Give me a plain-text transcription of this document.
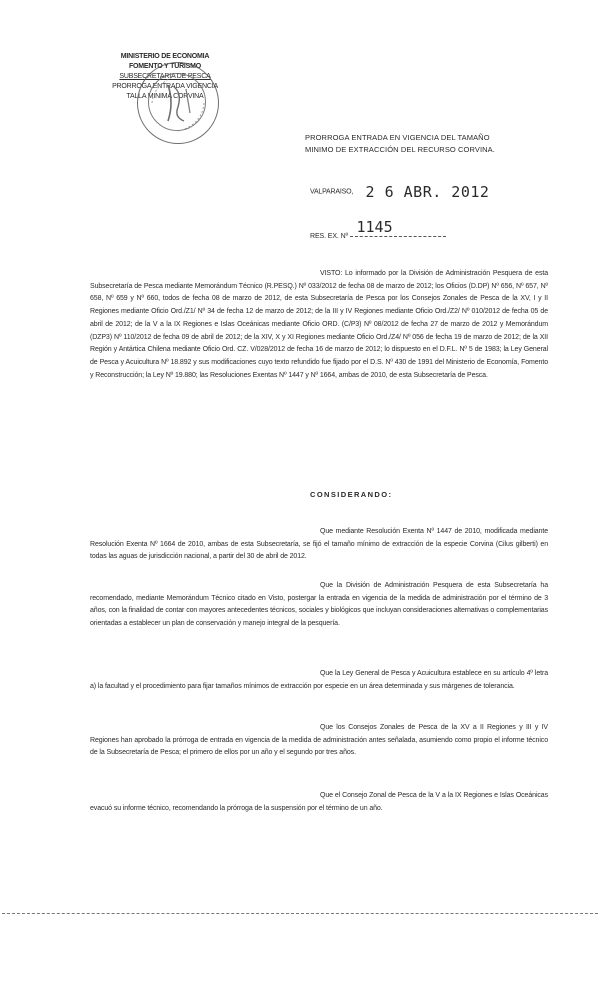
MINISTERIO DE ECONOMIA
FOMENTO Y TURISMO
SUBSECRETARIA DE PESCA
PRORROGA ENTRADA VIGENCIA
TALLA MINIMA CORVINA
PRORROGA ENTRADA EN VIGENCIA DEL TAMAÑO
MINIMO DE EXTRACCIÓN DEL RECURSO CORVINA.
VALPARAISO, 2 6 ABR. 2012
RES. EX. Nº 1145
VISTO: Lo informado por la División de Administración Pesquera de esta Subsecretaría de Pesca mediante Memorándum Técnico (R.PESQ.) Nº 033/2012 de fecha 08 de marzo de 2012; los Oficios (D.DP) Nº 656, Nº 657, Nº 658, Nº 659 y Nº 660, todos de fecha 08 de marzo de 2012, de esta Subsecretaría de Pesca por los Consejos Zonales de Pesca de la XV, I y II Regiones mediante Oficio Ord./Z1/ Nº 34 de fecha 12 de marzo de 2012; de la III y IV Regiones mediante Oficio Ord./Z2/ Nº 010/2012 de fecha 05 de abril de 2012; de la V a la IX Regiones e Islas Oceánicas mediante Oficio ORD. (C/P3) Nº 08/2012 de fecha 27 de marzo de 2012 y Memorándum (DZP3) Nº 110/2012 de fecha 09 de abril de 2012; de la XIV, X y XI Regiones mediante Oficio Ord./Z4/ Nº 056 de fecha 19 de marzo de 2012; de la XII Región y Antártica Chilena mediante Oficio Ord. CZ. V/028/2012 de fecha 16 de marzo de 2012; lo dispuesto en el D.F.L. Nº 5 de 1983; la Ley General de Pesca y Acuicultura Nº 18.892 y sus modificaciones cuyo texto refundido fue fijado por el D.S. Nº 430 de 1991 del Ministerio de Economía, Fomento y Reconstrucción; la Ley Nº 19.880; las Resoluciones Exentas Nº 1447 y Nº 1664, ambas de 2010, de esta Subsecretaría de Pesca.
CONSIDERANDO:
Que mediante Resolución Exenta Nº 1447 de 2010, modificada mediante Resolución Exenta Nº 1664 de 2010, ambas de esta Subsecretaría, se fijó el tamaño mínimo de extracción de la especie Corvina (Cilus gilberti) en todas las aguas de jurisdicción nacional, a partir del 30 de abril de 2012.
Que la División de Administración Pesquera de esta Subsecretaría ha recomendado, mediante Memorándum Técnico citado en Visto, postergar la entrada en vigencia de la medida de administración por el término de 3 años, con la finalidad de contar con mayores antecedentes técnicos, sociales y biológicos que incluyan consideraciones alternativas o complementarias orientadas a establecer un plan de conservación y manejo integral de la pesquería.
Que la Ley General de Pesca y Acuicultura establece en su artículo 4º letra a) la facultad y el procedimiento para fijar tamaños mínimos de extracción por especie en un área determinada y sus márgenes de tolerancia.
Que los Consejos Zonales de Pesca de la XV a II Regiones y III y IV Regiones han aprobado la prórroga de entrada en vigencia de la medida de administración antes señalada, asumiendo como propio el informe técnico de la Subsecretaría de Pesca; el primero de ellos por un año y el segundo por tres años.
Que el Consejo Zonal de Pesca de la V a la IX Regiones e Islas Oceánicas evacuó su informe técnico, recomendando la prórroga de la suspensión por el término de un año.
